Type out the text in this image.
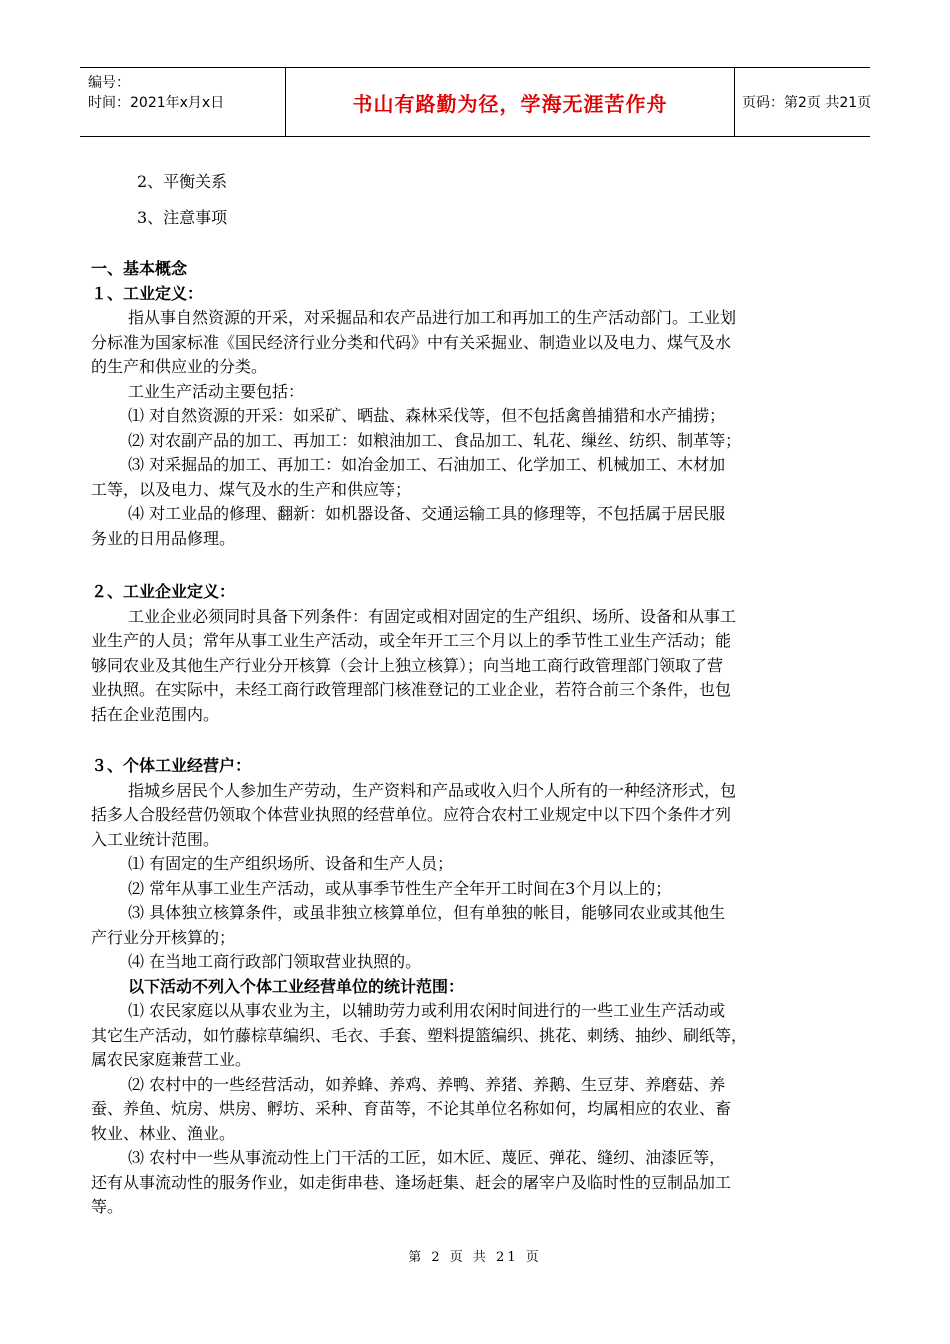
编号：
时间：2021年x月x日	书山有路勤为径，学海无涯苦作舟	页码：第2页 共21页
2、平衡关系
3、注意事项
一、基本概念
１、工业定义：
指从事自然资源的开采，对采掘品和农产品进行加工和再加工的生产活动部门。工业划
分标准为国家标准《国民经济行业分类和代码》中有关采掘业、制造业以及电力、煤气及水
的生产和供应业的分类。
工业生产活动主要包括：
⑴ 对自然资源的开采：如采矿、晒盐、森林采伐等，但不包括禽兽捕猎和水产捕捞；
⑵ 对农副产品的加工、再加工：如粮油加工、食品加工、轧花、缫丝、纺织、制革等；
⑶ 对采掘品的加工、再加工：如冶金加工、石油加工、化学加工、机械加工、木材加
工等，以及电力、煤气及水的生产和供应等；
⑷ 对工业品的修理、翻新：如机器设备、交通运输工具的修理等，不包括属于居民服
务业的日用品修理。
２、工业企业定义：
工业企业必须同时具备下列条件：有固定或相对固定的生产组织、场所、设备和从事工
业生产的人员；常年从事工业生产活动，或全年开工三个月以上的季节性工业生产活动；能
够同农业及其他生产行业分开核算（会计上独立核算）；向当地工商行政管理部门领取了营
业执照。在实际中，未经工商行政管理部门核准登记的工业企业，若符合前三个条件，也包
括在企业范围内。
３、个体工业经营户：
指城乡居民个人参加生产劳动，生产资料和产品或收入归个人所有的一种经济形式，包
括多人合股经营仍领取个体营业执照的经营单位。应符合农村工业规定中以下四个条件才列
入工业统计范围。
⑴ 有固定的生产组织场所、设备和生产人员；
⑵ 常年从事工业生产活动，或从事季节性生产全年开工时间在3个月以上的；
⑶ 具体独立核算条件，或虽非独立核算单位，但有单独的帐目，能够同农业或其他生
产行业分开核算的；
⑷ 在当地工商行政部门领取营业执照的。
以下活动不列入个体工业经营单位的统计范围：
⑴ 农民家庭以从事农业为主，以辅助劳力或利用农闲时间进行的一些工业生产活动或
其它生产活动，如竹藤棕草编织、毛衣、手套、塑料提篮编织、挑花、刺绣、抽纱、刷纸等，
属农民家庭兼营工业。
⑵ 农村中的一些经营活动，如养蜂、养鸡、养鸭、养猪、养鹅、生豆芽、养磨菇、养
蚕、养鱼、炕房、烘房、孵坊、采种、育苗等，不论其单位名称如何，均属相应的农业、畜
牧业、林业、渔业。
⑶ 农村中一些从事流动性上门干活的工匠，如木匠、蔑匠、弹花、缝纫、油漆匠等，
还有从事流动性的服务作业，如走街串巷、逢场赶集、赶会的屠宰户及临时性的豆制品加工
等。
第 2 页 共 21 页
